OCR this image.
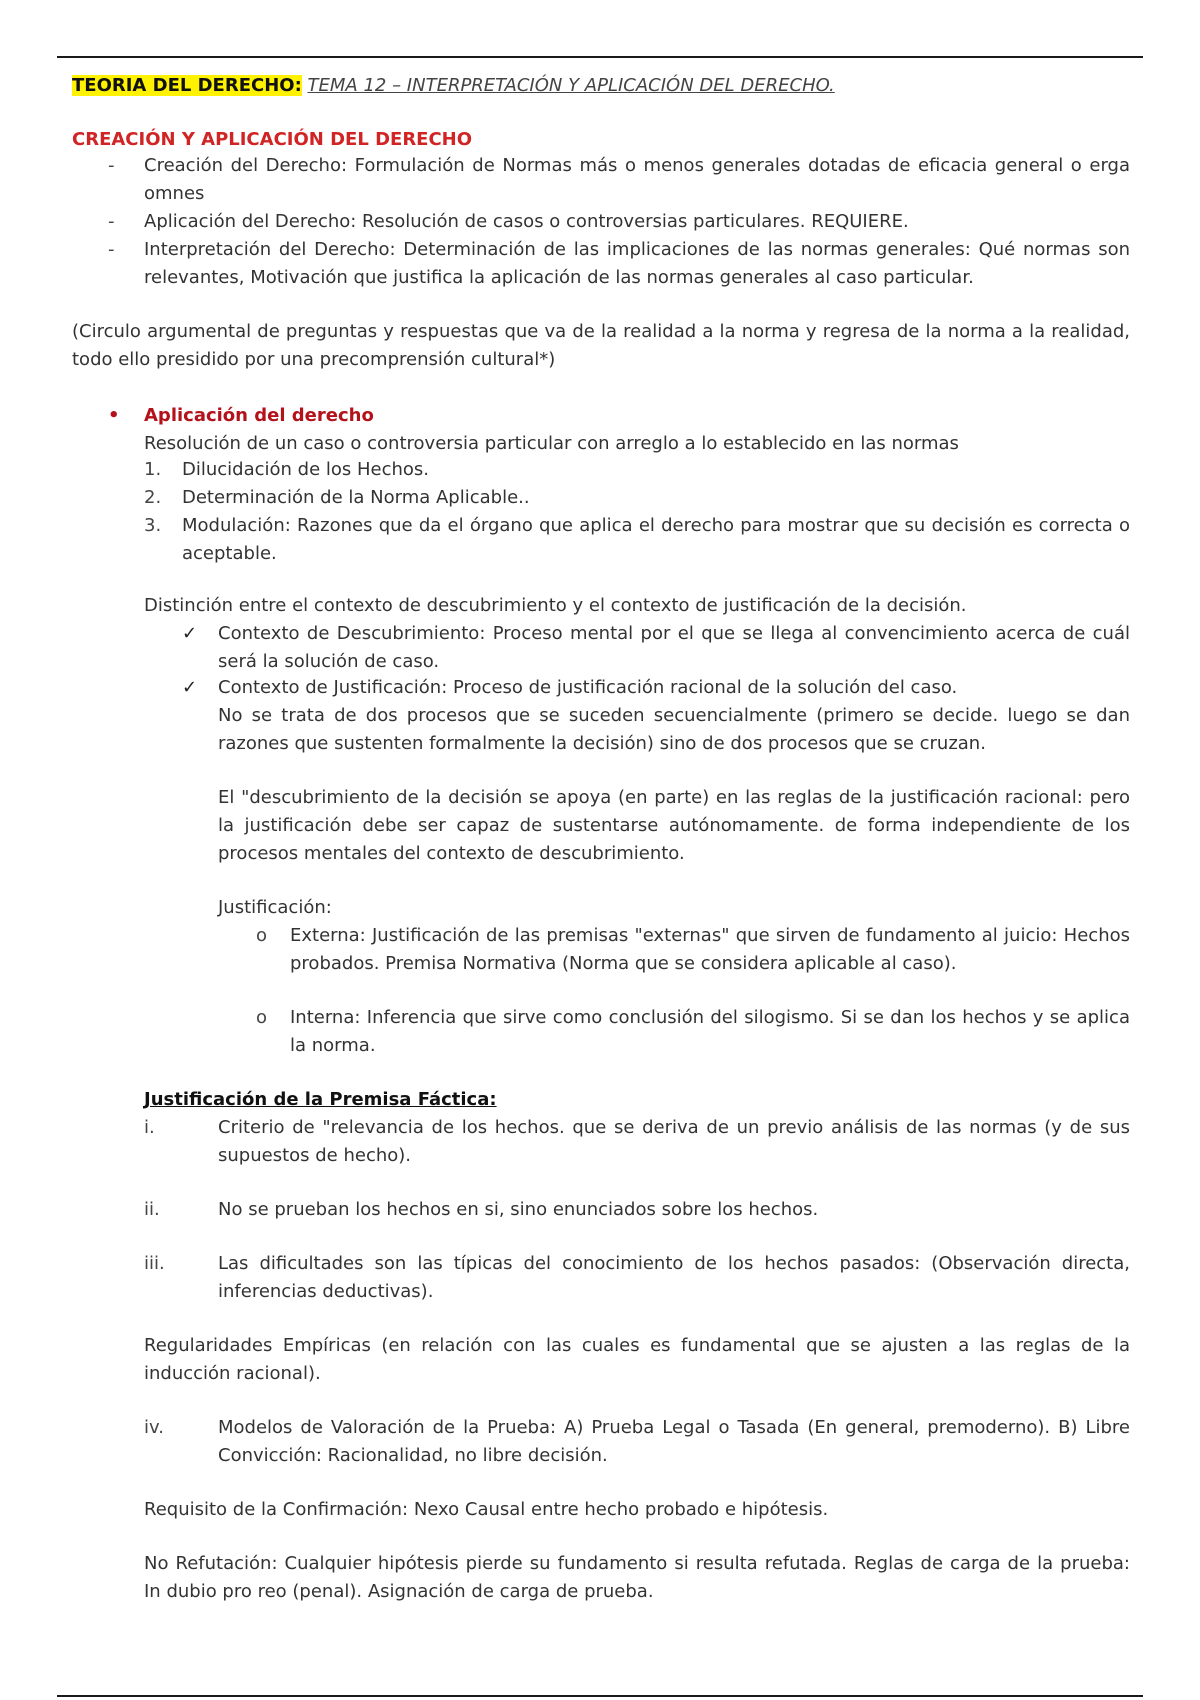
TEORIA DEL DERECHO: TEMA 12 – INTERPRETACIÓN Y APLICACIÓN DEL DERECHO.
CREACIÓN Y APLICACIÓN DEL DERECHO
- Creación del Derecho: Formulación de Normas más o menos generales dotadas de eficacia general o erga omnes
- Aplicación del Derecho: Resolución de casos o controversias particulares. REQUIERE.
- Interpretación del Derecho: Determinación de las implicaciones de las normas generales: Qué normas son relevantes, Motivación que justifica la aplicación de las normas generales al caso particular.
(Circulo argumental de preguntas y respuestas que va de la realidad a la norma y regresa de la norma a la realidad, todo ello presidido por una precomprensión cultural*)
• Aplicación del derecho
Resolución de un caso o controversia particular con arreglo a lo establecido en las normas
1. Dilucidación de los Hechos.
2. Determinación de la Norma Aplicable..
3. Modulación: Razones que da el órgano que aplica el derecho para mostrar que su decisión es correcta o aceptable.
Distinción entre el contexto de descubrimiento y el contexto de justificación de la decisión.
✓ Contexto de Descubrimiento: Proceso mental por el que se llega al convencimiento acerca de cuál será la solución de caso.
✓ Contexto de Justificación: Proceso de justificación racional de la solución del caso.
No se trata de dos procesos que se suceden secuencialmente (primero se decide. luego se dan razones que sustenten formalmente la decisión) sino de dos procesos que se cruzan.
El "descubrimiento de la decisión se apoya (en parte) en las reglas de la justificación racional: pero la justificación debe ser capaz de sustentarse autónomamente. de forma independiente de los procesos mentales del contexto de descubrimiento.
Justificación:
o Externa: Justificación de las premisas "externas" que sirven de fundamento al juicio: Hechos probados. Premisa Normativa (Norma que se considera aplicable al caso).
o Interna: Inferencia que sirve como conclusión del silogismo. Si se dan los hechos y se aplica la norma.
Justificación de la Premisa Fáctica:
i.	Criterio de "relevancia de los hechos. que se deriva de un previo análisis de las normas (y de sus supuestos de hecho).
ii.	No se prueban los hechos en si, sino enunciados sobre los hechos.
iii.	Las dificultades son las típicas del conocimiento de los hechos pasados: (Observación directa, inferencias deductivas).
Regularidades Empíricas (en relación con las cuales es fundamental que se ajusten a las reglas de la inducción racional).
iv.	Modelos de Valoración de la Prueba: A) Prueba Legal o Tasada (En general, premoderno). B) Libre Convicción: Racionalidad, no libre decisión.
Requisito de la Confirmación: Nexo Causal entre hecho probado e hipótesis.
No Refutación: Cualquier hipótesis pierde su fundamento si resulta refutada. Reglas de carga de la prueba: In dubio pro reo (penal). Asignación de carga de prueba.
